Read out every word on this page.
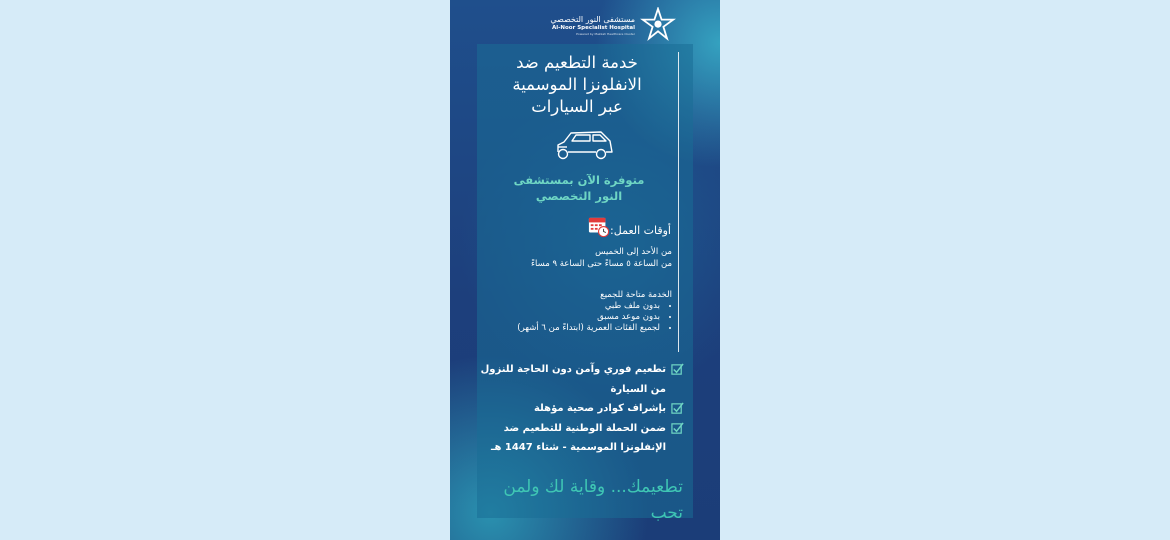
مستشفى النور التخصصي
Al-Noor Specialist Hospital
Powered by Makkah Healthcare Cluster
خدمة التطعيم ضد
الانفلونزا الموسمية
عبر السيارات
متوفرة الآن بمستشفى
النور التخصصي
أوقات العمل:
من الأحد إلى الخميس
من الساعة ٥ مساءً حتى الساعة ٩ مساءً
الخدمة متاحة للجميع
• بدون ملف طبي
• بدون موعد مسبق
• لجميع الفئات العمرية (ابتداءً من ٦ أشهر)
تطعيم فوري وآمن دون الحاجة للنزول من السيارة
بإشراف كوادر صحية مؤهلة
ضمن الحملة الوطنية للتطعيم ضد الإنفلونزا الموسمية - شتاء 1447 هـ
تطعيمك... وقاية لك ولمن تحب
